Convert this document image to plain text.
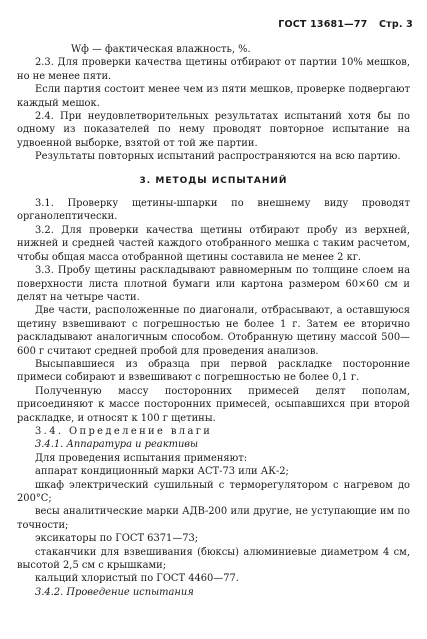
ГОСТ 13681—77 Стр. 3

Wф — фактическая влажность, %.

2.3. Для проверки качества щетины отбирают от партии 10% мешков, но не менее пяти.

Если партия состоит менее чем из пяти мешков, проверке подвергают каждый мешок.

2.4. При неудовлетворительных результатах испытаний хотя бы по одному из показателей по нему проводят повторное испытание на удвоенной выборке, взятой от той же партии.

Результаты повторных испытаний распространяются на всю партию.

3. МЕТОДЫ ИСПЫТАНИЙ

3.1. Проверку щетины-шпарки по внешнему виду проводят органолептически.

3.2. Для проверки качества щетины отбирают пробу из верхней, нижней и средней частей каждого отобранного мешка с таким расчетом, чтобы общая масса отобранной щетины составила не менее 2 кг.

3.3. Пробу щетины раскладывают равномерным по толщине слоем на поверхности листа плотной бумаги или картона размером 60×60 см и делят на четыре части.

Две части, расположенные по диагонали, отбрасывают, а оставшуюся щетину взвешивают с погрешностью не более 1 г. Затем ее вторично раскладывают аналогичным способом. Отобранную щетину массой 500—600 г считают средней пробой для проведения анализов.

Высыпавшиеся из образца при первой раскладке посторонние примеси собирают и взвешивают с погрешностью не более 0,1 г.

Полученную массу посторонних примесей делят пополам, присоединяют к массе посторонних примесей, осыпавшихся при второй раскладке, и относят к 100 г щетины.

3.4. Определение влаги

3.4.1. Аппаратура и реактивы

Для проведения испытания применяют:

аппарат кондиционный марки АСТ-73 или АК-2;

шкаф электрический сушильный с терморегулятором с нагревом до 200°С;

весы аналитические марки АДВ-200 или другие, не уступающие им по точности;

эксикаторы по ГОСТ 6371—73;

стаканчики для взвешивания (бюксы) алюминиевые диаметром 4 см, высотой 2,5 см с крышками;

кальций хлористый по ГОСТ 4460—77.

3.4.2. Проведение испытания
